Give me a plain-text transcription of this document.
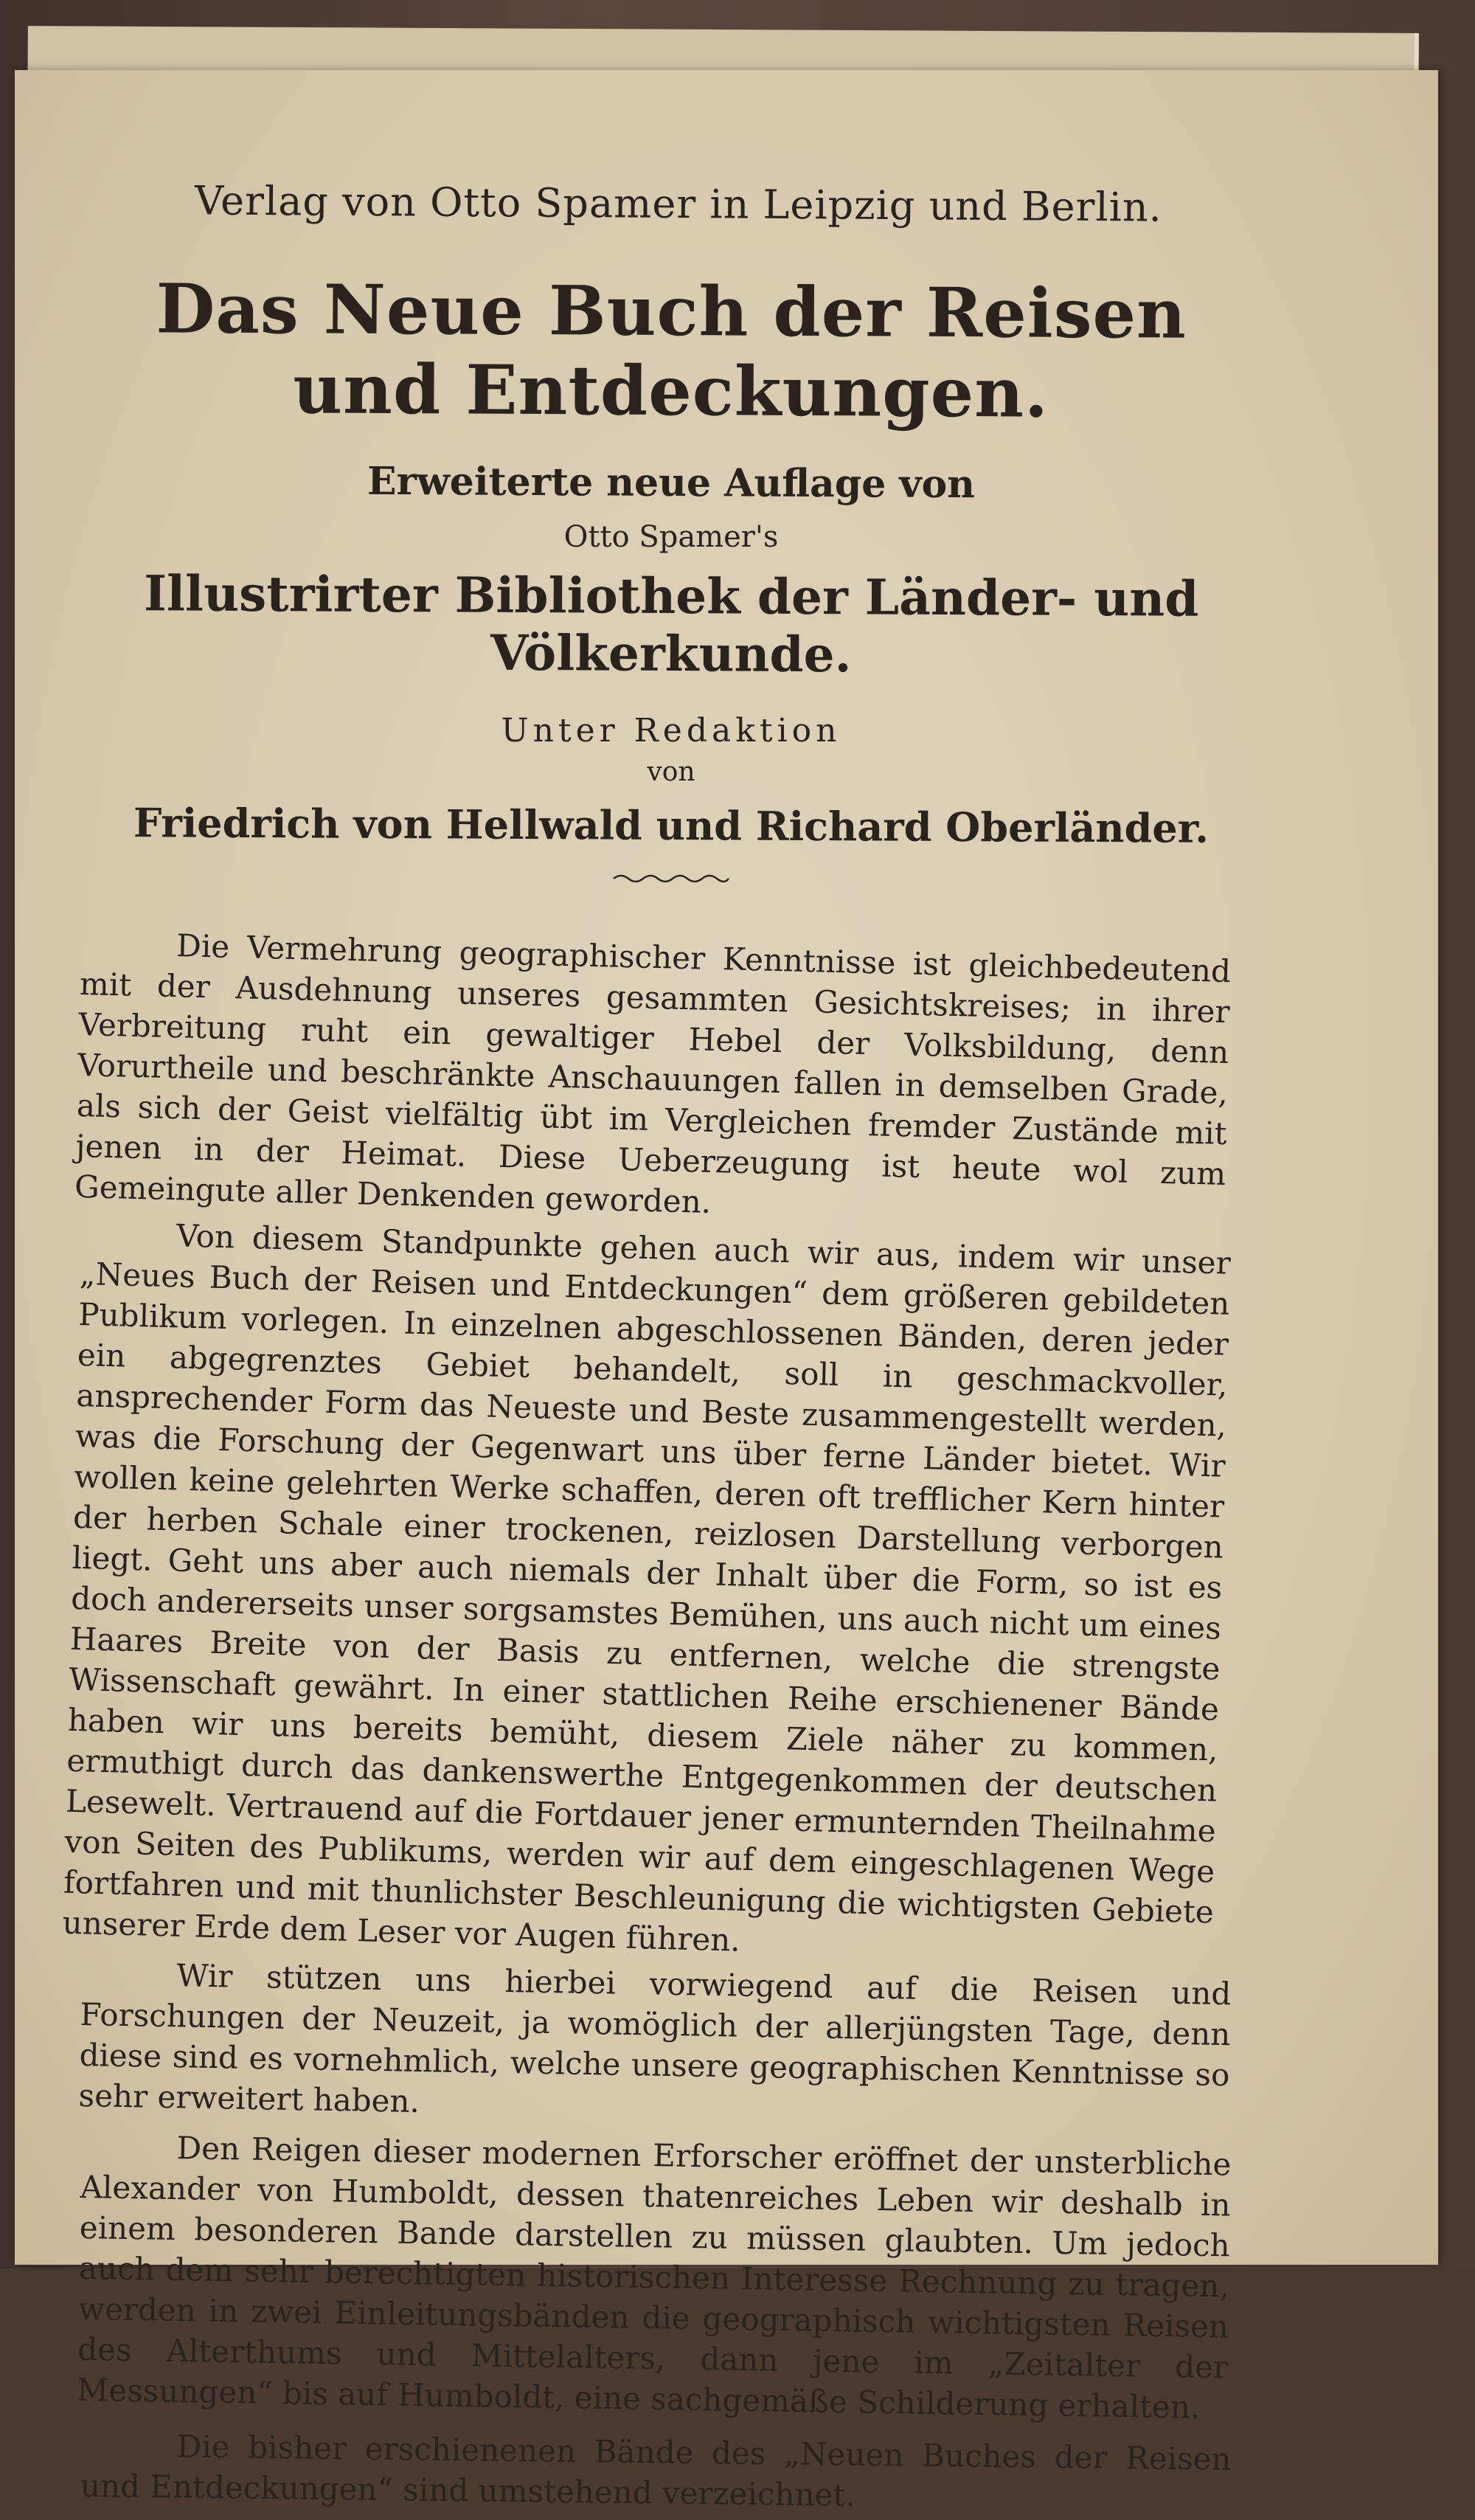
Verlag von Otto Spamer in Leipzig und Berlin.
Das Neue Buch der Reisen und Entdeckungen.
Erweiterte neue Auflage von
Otto Spamer's
Illustrirter Bibliothek der Länder- und Völkerkunde.
Unter Redaktion
von
Friedrich von Hellwald und Richard Oberländer.

Die Vermehrung geographischer Kenntnisse ist gleichbedeutend mit der Ausdehnung unseres gesammten Gesichtskreises; in ihrer Verbreitung ruht ein gewaltiger Hebel der Volksbildung, denn Vorurtheile und beschränkte Anschauungen fallen in demselben Grade, als sich der Geist vielfältig übt im Vergleichen fremder Zustände mit jenen in der Heimat. Diese Ueberzeugung ist heute wol zum Gemeingute aller Denkenden geworden.

Von diesem Standpunkte gehen auch wir aus, indem wir unser „Neues Buch der Reisen und Entdeckungen“ dem größeren gebildeten Publikum vorlegen. In einzelnen abgeschlossenen Bänden, deren jeder ein abgegrenztes Gebiet behandelt, soll in geschmackvoller, ansprechender Form das Neueste und Beste zusammengestellt werden, was die Forschung der Gegenwart uns über ferne Länder bietet. Wir wollen keine gelehrten Werke schaffen, deren oft trefflicher Kern hinter der herben Schale einer trockenen, reizlosen Darstellung verborgen liegt. Geht uns aber auch niemals der Inhalt über die Form, so ist es doch andererseits unser sorgsamstes Bemühen, uns auch nicht um eines Haares Breite von der Basis zu entfernen, welche die strengste Wissenschaft gewährt. In einer stattlichen Reihe erschienener Bände haben wir uns bereits bemüht, diesem Ziele näher zu kommen, ermuthigt durch das dankenswerthe Entgegenkommen der deutschen Lesewelt. Vertrauend auf die Fortdauer jener ermunternden Theilnahme von Seiten des Publikums, werden wir auf dem eingeschlagenen Wege fortfahren und mit thunlichster Beschleunigung die wichtigsten Gebiete unserer Erde dem Leser vor Augen führen.

Wir stützen uns hierbei vorwiegend auf die Reisen und Forschungen der Neuzeit, ja womöglich der allerjüngsten Tage, denn diese sind es vornehmlich, welche unsere geographischen Kenntnisse so sehr erweitert haben.

Den Reigen dieser modernen Erforscher eröffnet der unsterbliche Alexander von Humboldt, dessen thatenreiches Leben wir deshalb in einem besonderen Bande darstellen zu müssen glaubten. Um jedoch auch dem sehr berechtigten historischen Interesse Rechnung zu tragen, werden in zwei Einleitungsbänden die geographisch wichtigsten Reisen des Alterthums und Mittelalters, dann jene im „Zeitalter der Messungen“ bis auf Humboldt, eine sachgemäße Schilderung erhalten.

Die bisher erschienenen Bände des „Neuen Buches der Reisen und Entdeckungen“ sind umstehend verzeichnet.
